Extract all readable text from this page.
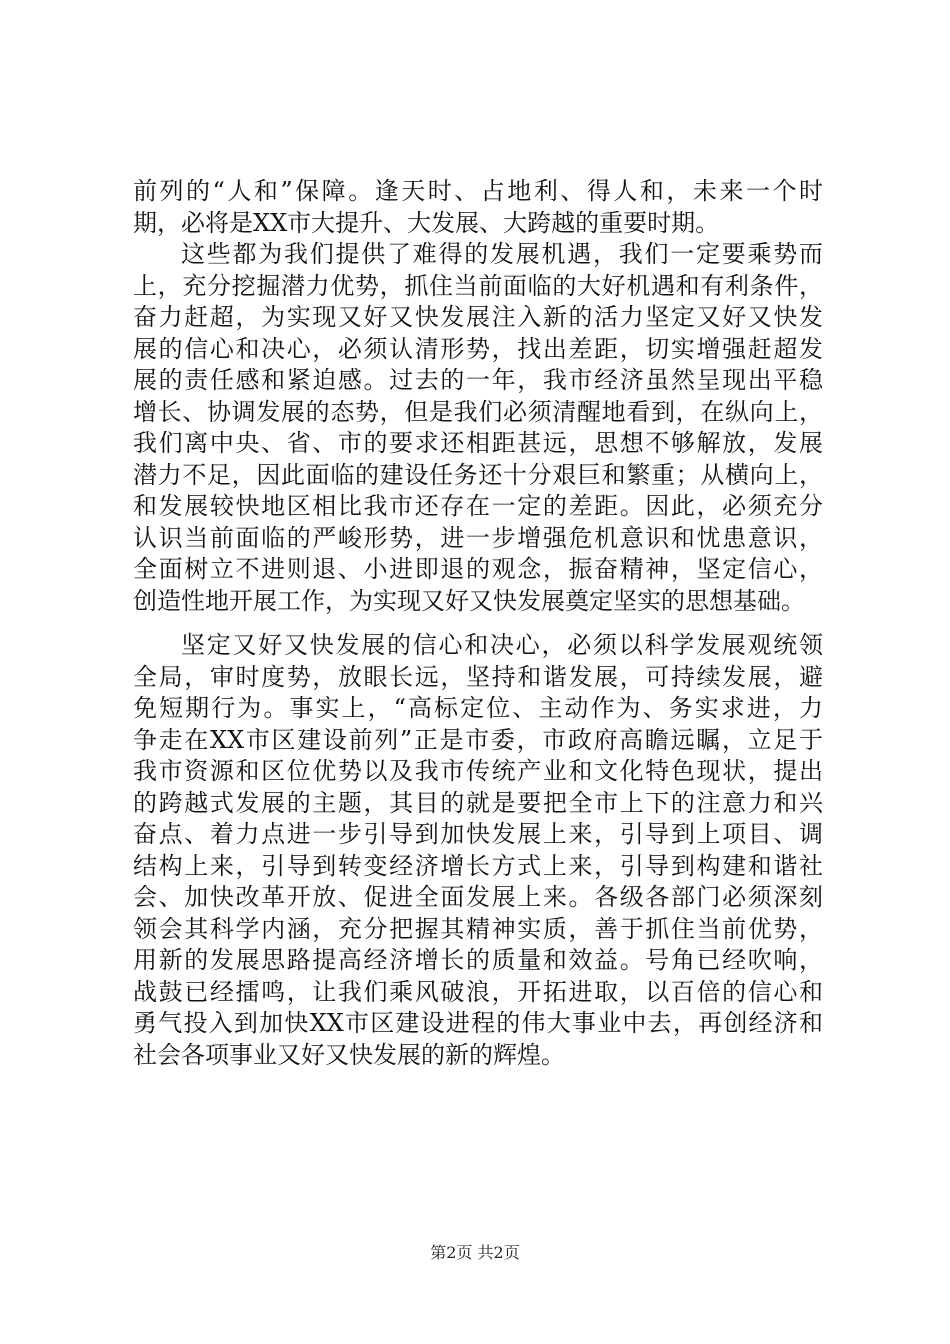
前列的“人和”保障。逢天时、占地利、得人和，未来一个时
期，必将是XX市大提升、大发展、大跨越的重要时期。
这些都为我们提供了难得的发展机遇，我们一定要乘势而
上，充分挖掘潜力优势，抓住当前面临的大好机遇和有利条件，
奋力赶超，为实现又好又快发展注入新的活力坚定又好又快发
展的信心和决心，必须认清形势，找出差距，切实增强赶超发
展的责任感和紧迫感。过去的一年，我市经济虽然呈现出平稳
增长、协调发展的态势，但是我们必须清醒地看到，在纵向上，
我们离中央、省、市的要求还相距甚远，思想不够解放，发展
潜力不足，因此面临的建设任务还十分艰巨和繁重；从横向上，
和发展较快地区相比我市还存在一定的差距。因此，必须充分
认识当前面临的严峻形势，进一步增强危机意识和忧患意识，
全面树立不进则退、小进即退的观念，振奋精神，坚定信心，
创造性地开展工作，为实现又好又快发展奠定坚实的思想基础。
坚定又好又快发展的信心和决心，必须以科学发展观统领
全局，审时度势，放眼长远，坚持和谐发展，可持续发展，避
免短期行为。事实上，“高标定位、主动作为、务实求进，力
争走在XX市区建设前列”正是市委，市政府高瞻远瞩，立足于
我市资源和区位优势以及我市传统产业和文化特色现状，提出
的跨越式发展的主题，其目的就是要把全市上下的注意力和兴
奋点、着力点进一步引导到加快发展上来，引导到上项目、调
结构上来，引导到转变经济增长方式上来，引导到构建和谐社
会、加快改革开放、促进全面发展上来。各级各部门必须深刻
领会其科学内涵，充分把握其精神实质，善于抓住当前优势，
用新的发展思路提高经济增长的质量和效益。号角已经吹响，
战鼓已经擂鸣，让我们乘风破浪，开拓进取，以百倍的信心和
勇气投入到加快XX市区建设进程的伟大事业中去，再创经济和
社会各项事业又好又快发展的新的辉煌。
第2页 共2页
